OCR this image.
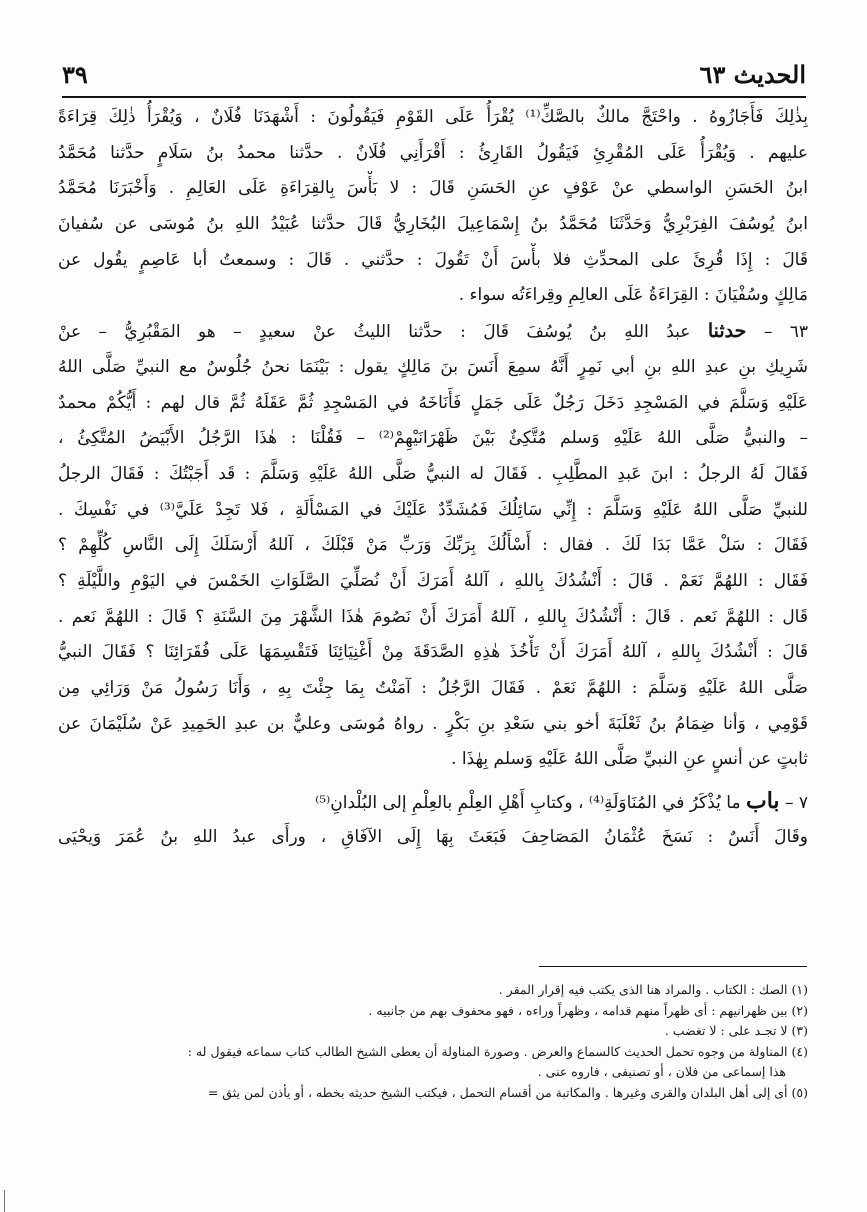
الحديث ٦٣
٣٩
بِذٰلِكَ فَأَجَازُوهُ . واحْتَجَّ مالكٌ بالصَّكِّ⁽¹⁾ يُقْرَأُ عَلَى القَوْمِ فَيَقُولُونَ : أَشْهَدَنَا فُلَانٌ ، وَيُقْرَأُ ذٰلِكَ قِرَاءَةً
عليهم . وَيُقْرَأُ عَلَى المُقْرِئِ فَيَقُولُ القَارِئُ : أَقْرَأَنِي فُلَانٌ . حدَّثنا محمدُ بنُ سَلَامٍ حدَّثنا مُحَمَّدُ
ابنُ الحَسَنِ الواسطي عنْ عَوْفٍ عنِ الحَسَنِ قَالَ : لا بَأْسَ بِالقِرَاءَةِ عَلَى العَالِمِ . وَأَخْبَرَنَا مُحَمَّدُ
ابنُ يُوسُفَ الفِرَبْرِيُّ وَحَدَّثَنَا مُحَمَّدُ بنُ إِسْمَاعِيلَ البُخَارِيُّ قَالَ حدَّثنا عُبَيْدُ اللهِ بنُ مُوسَى عن سُفيانَ
قَالَ : إِذَا قُرِئَ على المحدِّثِ فلا بأْسَ أَنْ تَقُولَ : حدَّثني . قَالَ : وسمعتُ أبا عَاصِمٍ يقُول عن
مَالِكٍ وسُفْيَانَ : القِرَاءَةُ عَلَى العالِمِ وقِراءَتُه سواء .
٦٣ – حدثنا عبدُ اللهِ بنُ يُوسُفَ قَالَ : حدَّثنا الليثُ عنْ سعيدٍ – هو المَقْبُرِيُّ – عنْ
شَرِيكِ بنِ عبدِ اللهِ بنِ أبي نَمِرٍ أَنَّهُ سمِعَ أَنَسَ بنَ مَالِكٍ يقول : بَيْنَمَا نحنُ جُلُوسٌ مع النبيِّ صَلَّى اللهُ
عَلَيْهِ وَسَلَّمَ في المَسْجِدِ دَخَلَ رَجُلٌ عَلَى جَمَلٍ فَأَنَاخَهُ في المَسْجِدِ ثُمَّ عَقَلَهُ ثُمَّ قال لهم : أَيُّكُمْ محمدٌ
– والنبيُّ صَلَّى اللهُ عَلَيْهِ وَسلم مُتَّكِئٌ بَيْنَ ظَهْرَانَيْهِمْ⁽²⁾ – فَقُلْنَا : هٰذَا الرَّجُلُ الأَبْيَضُ المُتَّكِئُ ،
فَقَالَ لَهُ الرجلُ : ابنَ عَبدِ المطَّلِبِ . فَقَالَ له النبيُّ صَلَّى اللهُ عَلَيْهِ وَسَلَّمَ : قَد أَجَبْتُكَ : فَقَالَ الرجلُ
للنبيِّ صَلَّى اللهُ عَلَيْهِ وَسَلَّمَ : إِنِّي سَائِلُكَ فَمُشَدِّدٌ عَلَيْكَ في المَسْأَلَةِ ، فَلا تَجِدْ عَلَيَّ⁽³⁾ في نَفْسِكَ .
فَقَالَ : سَلْ عَمَّا بَدَا لَكَ . فقال : أَسْأَلُكَ بِرَبِّكَ وَرَبِّ مَنْ قَبْلَكَ ، آللهُ أَرْسَلَكَ إِلَى النَّاسِ كُلِّهِمْ ؟
فَقَال : اللهُمَّ نَعَمْ . قَالَ : أَنْشُدُكَ بِاللهِ ، آللهُ أَمَرَكَ أَنْ نُصَلِّيَ الصَّلَوَاتِ الخَمْسَ في اليَوْمِ واللَّيْلَةِ ؟
قَال : اللهُمَّ نَعم . قَالَ : أَنْشُدُكَ بِاللهِ ، آللهُ أَمَرَكَ أَنْ نَصُومَ هٰذَا الشَّهْرَ مِنَ السَّنَةِ ؟ قَالَ : اللهُمَّ نَعم .
قَالَ : أَنْشُدُكَ بِاللهِ ، آللهُ أَمَرَكَ أَنْ تَأْخُذَ هٰذِهِ الصَّدَقَةَ مِنْ أَغْنِيَائِنَا فَتَقْسِمَهَا عَلَى فُقَرَائِنَا ؟ فَقَالَ النبيُّ
صَلَّى اللهُ عَلَيْهِ وَسَلَّمَ : اللهُمَّ نَعَمْ . فَقَالَ الرَّجُلُ : آمَنْتُ بِمَا جِئْتَ بِهِ ، وَأَنَا رَسُولُ مَنْ وَرَائِي مِن
قَوْمِي ، وَأنا ضِمَامُ بنُ ثَعْلَبَةَ أخو بني سَعْدِ بنِ بَكْرٍ . رواهُ مُوسَى وعليٌّ بن عبدِ الحَمِيدِ عَنْ سُلَيْمَانَ عن
ثابتٍ عن أنسٍ عنِ النبيِّ صَلَّى اللهُ عَلَيْهِ وَسلم بِهٰذَا .
٧ – باب ما يُذْكَرُ في المُنَاوَلَةِ⁽⁴⁾ ، وكتابِ أَهْلِ العِلْمِ بالعِلْمِ إلى البُلْدانِ⁽⁵⁾
وقَالَ أَنَسٌ : نَسَخَ عُثْمَانُ المَصَاحِفَ فَبَعَثَ بِهَا إِلَى الآفَاقِ ، ورأَى عبدُ اللهِ بنُ عُمَرَ وَيحْيَى
(١) الصك : الكتاب . والمراد هنا الذى يكتب فيه إقرار المقر .
(٢) بين ظهرانيهم : أى ظهراً منهم قدامه ، وظهراً وراءه ، فهو محفوف بهم من جانبيه .
(٣) لا تجـد على : لا تغضب .
(٤) المناولة من وجوه تحمل الحديث كالسماع والعرض . وصورة المناولة أن يعطى الشيخ الطالب كتاب سماعه فيقول له :
هذا إسماعى من فلان ، أو تصنيفى ، فاروه عنى .
(٥) أى إلى أهل البلدان والقرى وغيرها . والمكاتبة من أقسام التحمل ، فيكتب الشيخ حديثه بخطه ، أو يأذن لمن يثق =
